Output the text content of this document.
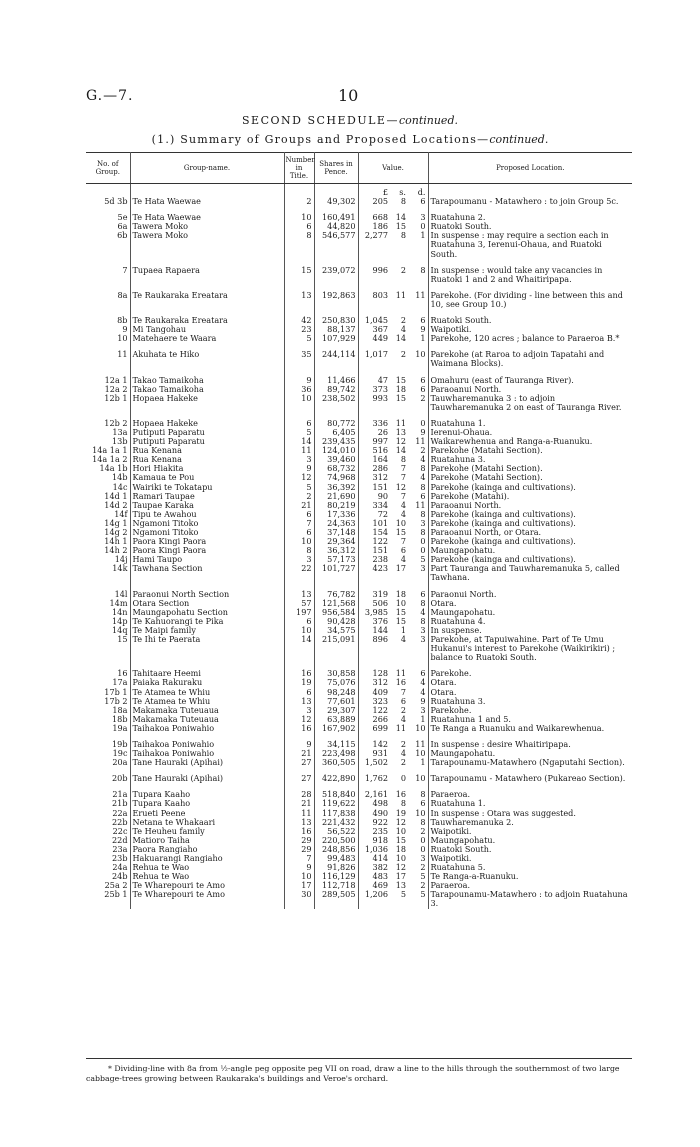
G.—7.	10
SECOND SCHEDULE—continued.
(1.) Summary of Groups and Proposed Locations—continued.
No. of Group.	Group-name.	Number in Title.	Shares in Pence.	Value.			Proposed Location.
				£	s.	d.	
5d 3b	Te Hata Waewae	2	49,302	205	8	6	Tarapoumanu - Matawhero : to join Group 5c.
5e	Te Hata Waewae	10	160,491	668	14	3	Ruatahuna 2.
6a	Tawera Moko	6	44,820	186	15	0	Ruatoki South.
6b	Tawera Moko	8	546,577	2,277	8	1	In suspense : may require a section each in Ruatahuna 3, Ierenui-Ohaua, and Ruatoki South.
7	Tupaea Rapaera	15	239,072	996	2	8	In suspense : would take any vacancies in Ruatoki 1 and 2 and Whaitiripapa.
8a	Te Raukaraka Ereatara	13	192,863	803	11	11	Parekohe. (For dividing - line between this and 10, see Group 10.)
8b	Te Raukaraka Ereatara	42	250,830	1,045	2	6	Ruatoki South.
9	Mi Tangohau	23	88,137	367	4	9	Waipotiki.
10	Matehaere te Waara	5	107,929	449	14	1	Parekohe, 120 acres ; balance to Paraeroa B.*
11	Akuhata te Hiko	35	244,114	1,017	2	10	Parekohe (at Raroa to adjoin Tapatahi and Waimana Blocks).
12a 1	Takao Tamaikoha	9	11,466	47	15	6	Omahuru (east of Tauranga River).
12a 2	Takao Tamaikoha	36	89,742	373	18	6	Paraoanui North.
12b 1	Hopaea Hakeke	10	238,502	993	15	2	Tauwharemanuka 3 : to adjoin Tauwharemanuka 2 on east of Tauranga River.
12b 2	Hopaea Hakeke	6	80,772	336	11	0	Ruatahuna 1.
13a	Putiputi Paparatu	5	6,405	26	13	9	Ierenui-Ohaua.
13b	Putiputi Paparatu	14	239,435	997	12	11	Waikarewhenua and Ranga-a-Ruanuku.
14a 1a 1	Rua Kenana	11	124,010	516	14	2	Parekohe (Matahi Section).
14a 1a 2	Rua Kenana	3	39,460	164	8	4	Ruatahuna 3.
14a 1b	Hori Hiakita	9	68,732	286	7	8	Parekohe (Matahi Section).
14b	Kamaua te Pou	12	74,968	312	7	4	Parekohe (Matahi Section).
14c	Wairiki te Tokatapu	5	36,392	151	12	8	Parekohe (kainga and cultivations).
14d 1	Ramari Taupae	2	21,690	90	7	6	Parekohe (Matahi).
14d 2	Taupae Karaka	21	80,219	334	4	11	Paraoanui North.
14f	Tipu te Awahou	6	17,336	72	4	8	Parekohe (kainga and cultivations).
14g 1	Ngamoni Titoko	7	24,363	101	10	3	Parekohe (kainga and cultivations).
14g 2	Ngamoni Titoko	6	37,148	154	15	8	Paraoanui North, or Otara.
14h 1	Paora Kingi Paora	10	29,364	122	7	0	Parekohe (kainga and cultivations).
14h 2	Paora Kingi Paora	8	36,312	151	6	0	Maungapohatu.
14j	Hami Taupo	3	57,173	238	4	5	Parekohe (kainga and cultivations).
14k	Tawhana Section	22	101,727	423	17	3	Part Tauranga and Tauwharemanuka 5, called Tawhana.
14l	Paraonui North Section	13	76,782	319	18	6	Paraonui North.
14m	Otara Section	57	121,568	506	10	8	Otara.
14n	Maungapohatu Section	197	956,584	3,985	15	4	Maungapohatu.
14p	Te Kahuorangi te Pika	6	90,428	376	15	8	Ruatahuna 4.
14q	Te Maipi family	10	34,575	144	1	3	In suspense.
15	Te Ihi te Paerata	14	215,091	896	4	3	Parekohe, at Tapuiwahine. Part of Te Umu Hukanui's interest to Parekohe (Waikirikiri) ; balance to Ruatoki South.
16	Tahitaare Heemi	16	30,858	128	11	6	Parekohe.
17a	Paiaka Rakuraku	19	75,076	312	16	4	Otara.
17b 1	Te Atamea te Whiu	6	98,248	409	7	4	Otara.
17b 2	Te Atamea te Whiu	13	77,601	323	6	9	Ruatahuna 3.
18a	Makamaka Tuteuaua	3	29,307	122	2	3	Parekohe.
18b	Makamaka Tuteuaua	12	63,889	266	4	1	Ruatahuna 1 and 5.
19a	Taihakoa Poniwahio	16	167,902	699	11	10	Te Ranga a Ruanuku and Waikarewhenua.
19b	Taihakoa Poniwahio	9	34,115	142	2	11	In suspense : desire Whaitiripapa.
19c	Taihakoa Poniwahio	21	223,498	931	4	10	Maungapohatu.
20a	Tane Hauraki (Apihai)	27	360,505	1,502	2	1	Tarapounamu-Matawhero (Ngaputahi Section).
20b	Tane Hauraki (Apihai)	27	422,890	1,762	0	10	Tarapounamu - Matawhero (Pukareao Section).
21a	Tupara Kaaho	28	518,840	2,161	16	8	Paraeroa.
21b	Tupara Kaaho	21	119,622	498	8	6	Ruatahuna 1.
22a	Erueti Peene	11	117,838	490	19	10	In suspense : Otara was suggested.
22b	Netana te Whakaari	13	221,432	922	12	8	Tauwharemanuka 2.
22c	Te Heuheu family	16	56,522	235	10	2	Waipotiki.
22d	Matioro Taiha	29	220,500	918	15	0	Maungapohatu.
23a	Paora Rangiaho	29	248,856	1,036	18	0	Ruatoki South.
23b	Hakuarangi Rangiaho	7	99,483	414	10	3	Waipotiki.
24a	Rehua te Wao	9	91,826	382	12	2	Ruatahuna 5.
24b	Rehua te Wao	10	116,129	483	17	5	Te Ranga-a-Ruanuku.
25a 2	Te Wharepouri te Amo	17	112,718	469	13	2	Paraeroa.
25b 1	Te Wharepouri te Amo	30	289,505	1,206	5	5	Tarapounamu-Matawhero : to adjoin Ruatahuna 3.
* Dividing-line with 8a from ½-angle peg opposite peg VII on road, draw a line to the hills through the southernmost of two large cabbage-trees growing between Raukaraka's buildings and Veroe's orchard.
